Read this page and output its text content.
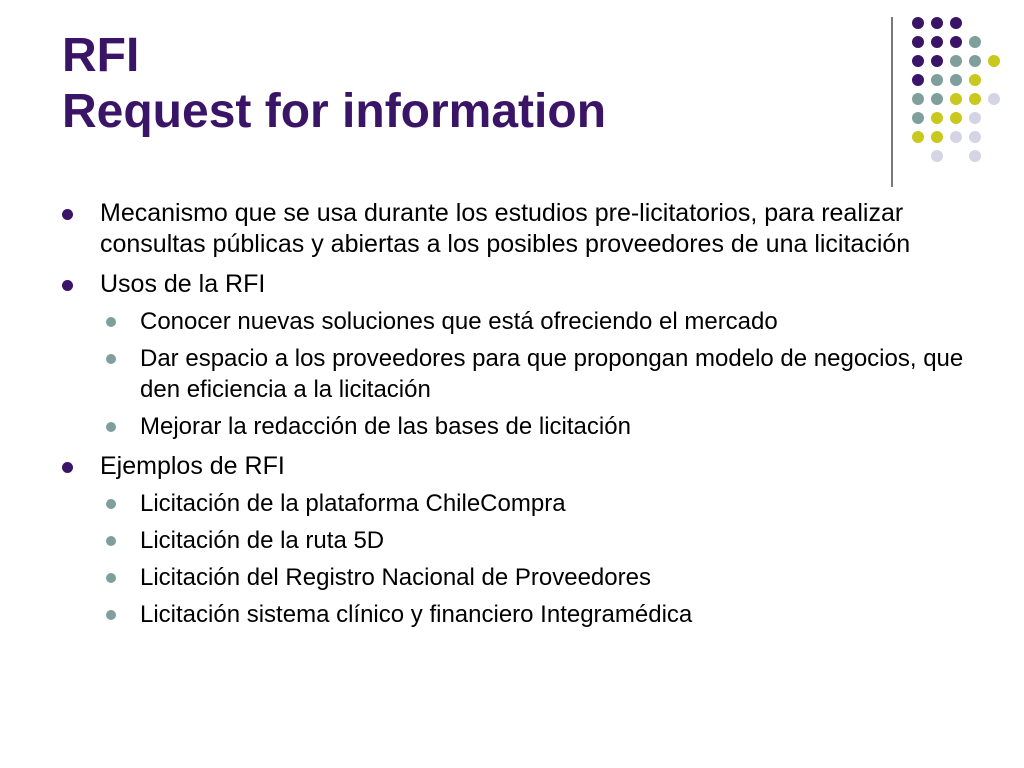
RFI
Request for information
Mecanismo que se usa durante los estudios pre-licitatorios, para realizar consultas públicas y abiertas a los posibles proveedores de una licitación
Usos de la RFI
Conocer nuevas soluciones que está ofreciendo el mercado
Dar espacio a los proveedores para que propongan modelo de negocios, que den eficiencia a la licitación
Mejorar la redacción de las bases de licitación
Ejemplos de RFI
Licitación de la plataforma ChileCompra
Licitación de la ruta 5D
Licitación del Registro Nacional de Proveedores
Licitación sistema clínico y financiero Integramédica
